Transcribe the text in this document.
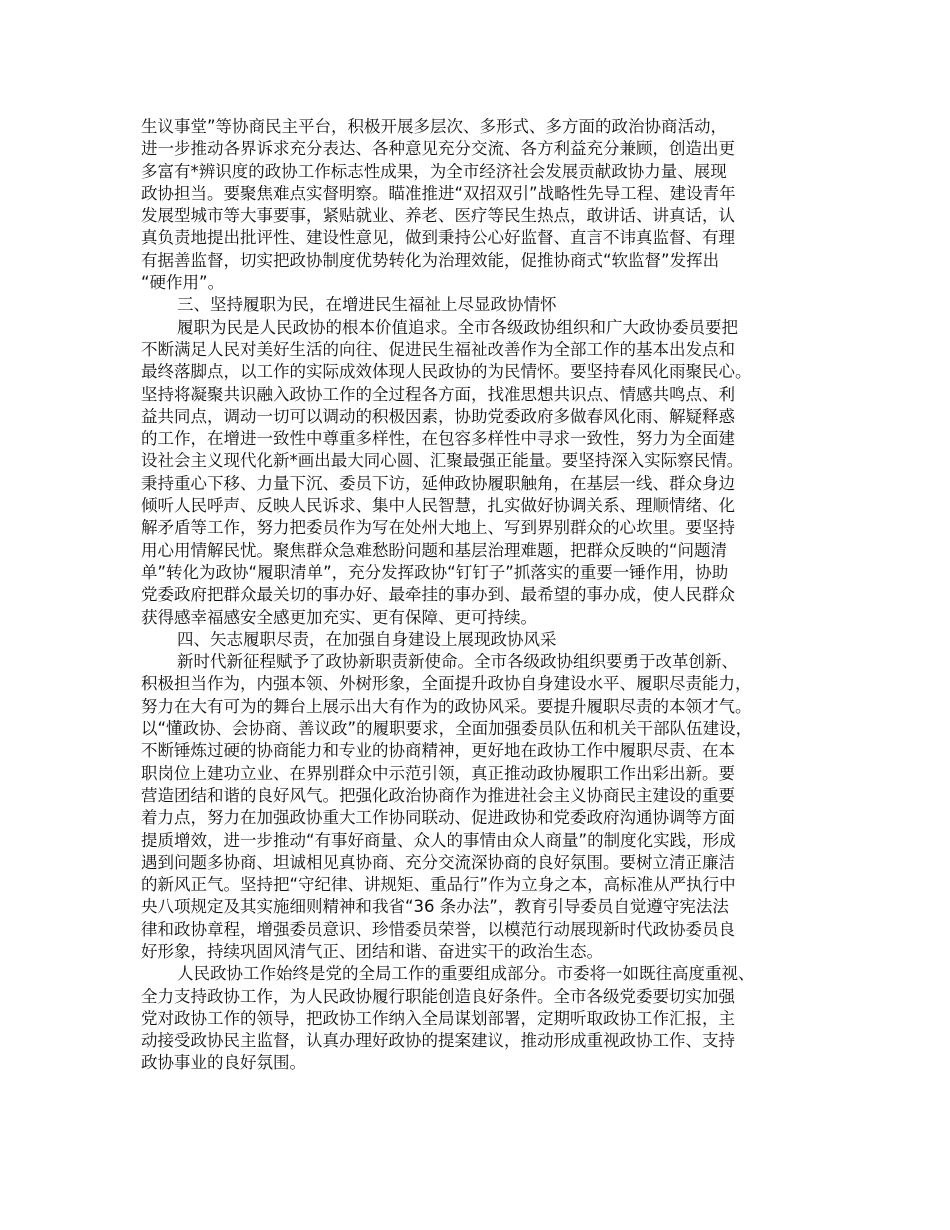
生议事堂”等协商民主平台，积极开展多层次、多形式、多方面的政治协商活动，
进一步推动各界诉求充分表达、各种意见充分交流、各方利益充分兼顾，创造出更
多富有*辨识度的政协工作标志性成果，为全市经济社会发展贡献政协力量、展现
政协担当。要聚焦难点实督明察。瞄准推进“双招双引”战略性先导工程、建设青年
发展型城市等大事要事，紧贴就业、养老、医疗等民生热点，敢讲话、讲真话，认
真负责地提出批评性、建设性意见，做到秉持公心好监督、直言不讳真监督、有理
有据善监督，切实把政协制度优势转化为治理效能，促推协商式“软监督”发挥出
“硬作用”。
三、坚持履职为民，在增进民生福祉上尽显政协情怀
履职为民是人民政协的根本价值追求。全市各级政协组织和广大政协委员要把
不断满足人民对美好生活的向往、促进民生福祉改善作为全部工作的基本出发点和
最终落脚点，以工作的实际成效体现人民政协的为民情怀。要坚持春风化雨聚民心。
坚持将凝聚共识融入政协工作的全过程各方面，找准思想共识点、情感共鸣点、利
益共同点，调动一切可以调动的积极因素，协助党委政府多做春风化雨、解疑释惑
的工作，在增进一致性中尊重多样性，在包容多样性中寻求一致性，努力为全面建
设社会主义现代化新*画出最大同心圆、汇聚最强正能量。要坚持深入实际察民情。
秉持重心下移、力量下沉、委员下访，延伸政协履职触角，在基层一线、群众身边
倾听人民呼声、反映人民诉求、集中人民智慧，扎实做好协调关系、理顺情绪、化
解矛盾等工作，努力把委员作为写在处州大地上、写到界别群众的心坎里。要坚持
用心用情解民忧。聚焦群众急难愁盼问题和基层治理难题，把群众反映的“问题清
单”转化为政协“履职清单”，充分发挥政协“钉钉子”抓落实的重要一锤作用，协助
党委政府把群众最关切的事办好、最牵挂的事办到、最希望的事办成，使人民群众
获得感幸福感安全感更加充实、更有保障、更可持续。
四、矢志履职尽责，在加强自身建设上展现政协风采
新时代新征程赋予了政协新职责新使命。全市各级政协组织要勇于改革创新、
积极担当作为，内强本领、外树形象，全面提升政协自身建设水平、履职尽责能力，
努力在大有可为的舞台上展示出大有作为的政协风采。要提升履职尽责的本领才气。
以“懂政协、会协商、善议政”的履职要求，全面加强委员队伍和机关干部队伍建设，
不断锤炼过硬的协商能力和专业的协商精神，更好地在政协工作中履职尽责、在本
职岗位上建功立业、在界别群众中示范引领，真正推动政协履职工作出彩出新。要
营造团结和谐的良好风气。把强化政治协商作为推进社会主义协商民主建设的重要
着力点，努力在加强政协重大工作协同联动、促进政协和党委政府沟通协调等方面
提质增效，进一步推动“有事好商量、众人的事情由众人商量”的制度化实践，形成
遇到问题多协商、坦诚相见真协商、充分交流深协商的良好氛围。要树立清正廉洁
的新风正气。坚持把“守纪律、讲规矩、重品行”作为立身之本，高标准从严执行中
央八项规定及其实施细则精神和我省“36 条办法”，教育引导委员自觉遵守宪法法
律和政协章程，增强委员意识、珍惜委员荣誉，以模范行动展现新时代政协委员良
好形象，持续巩固风清气正、团结和谐、奋进实干的政治生态。
人民政协工作始终是党的全局工作的重要组成部分。市委将一如既往高度重视、
全力支持政协工作，为人民政协履行职能创造良好条件。全市各级党委要切实加强
党对政协工作的领导，把政协工作纳入全局谋划部署，定期听取政协工作汇报，主
动接受政协民主监督，认真办理好政协的提案建议，推动形成重视政协工作、支持
政协事业的良好氛围。
